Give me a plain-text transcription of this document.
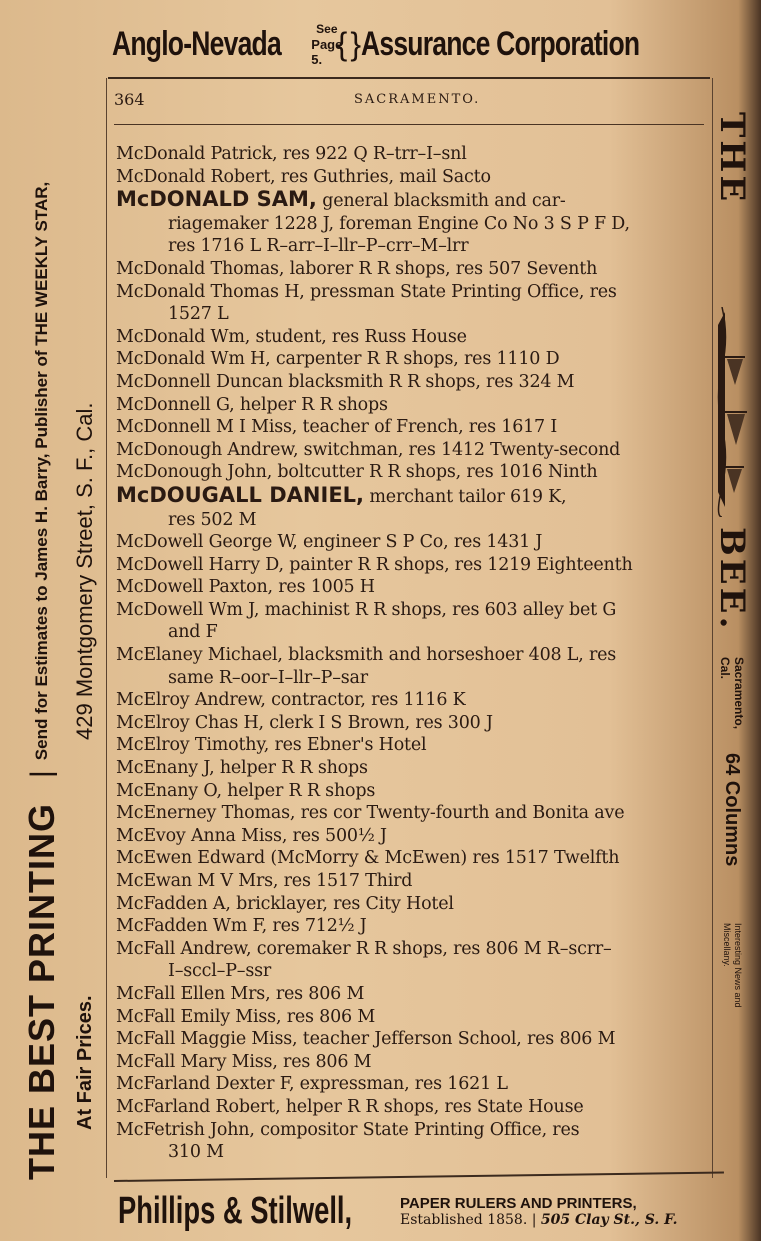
Anglo-Nevada {
See
Page 5. } Assurance Corporation
364	SACRAMENTO.
McDonald Patrick, res 922 Q R–trr–I–snl
McDonald Robert, res Guthries, mail Sacto
McDONALD SAM, general blacksmith and car-
riagemaker 1228 J, foreman Engine Co No 3 S P F D,
res 1716 L R–arr–I–llr–P–crr–M–lrr
McDonald Thomas, laborer R R shops, res 507 Seventh
McDonald Thomas H, pressman State Printing Office, res
1527 L
McDonald Wm, student, res Russ House
McDonald Wm H, carpenter R R shops, res 1110 D
McDonnell Duncan blacksmith R R shops, res 324 M
McDonnell G, helper R R shops
McDonnell M I Miss, teacher of French, res 1617 I
McDonough Andrew, switchman, res 1412 Twenty-second
McDonough John, boltcutter R R shops, res 1016 Ninth
McDOUGALL DANIEL, merchant tailor 619 K,
res 502 M
McDowell George W, engineer S P Co, res 1431 J
McDowell Harry D, painter R R shops, res 1219 Eighteenth
McDowell Paxton, res 1005 H
McDowell Wm J, machinist R R shops, res 603 alley bet G
and F
McElaney Michael, blacksmith and horseshoer 408 L, res
same R–oor–I–llr–P–sar
McElroy Andrew, contractor, res 1116 K
McElroy Chas H, clerk I S Brown, res 300 J
McElroy Timothy, res Ebner's Hotel
McEnany J, helper R R shops
McEnany O, helper R R shops
McEnerney Thomas, res cor Twenty-fourth and Bonita ave
McEvoy Anna Miss, res 500½ J
McEwen Edward (McMorry & McEwen) res 1517 Twelfth
McEwan M V Mrs, res 1517 Third
McFadden A, bricklayer, res City Hotel
McFadden Wm F, res 712½ J
McFall Andrew, coremaker R R shops, res 806 M R–scrr–
I–sccl–P–ssr
McFall Ellen Mrs, res 806 M
McFall Emily Miss, res 806 M
McFall Maggie Miss, teacher Jefferson School, res 806 M
McFall Mary Miss, res 806 M
McFarland Dexter F, expressman, res 1621 L
McFarland Robert, helper R R shops, res State House
McFetrish John, compositor State Printing Office, res
310 M
THE BEST PRINTING
|
Send for Estimates to James H. Barry, Publisher of THE WEEKLY STAR,
At Fair Prices.
429 Montgomery Street, S. F., Cal.
THE
BEE.
Sacramento,
Cal.
64 Columns
Interesting News and
Miscellany.
Phillips & Stilwell,	PAPER RULERS AND PRINTERS,
Established 1858. | 505 Clay St., S. F.
